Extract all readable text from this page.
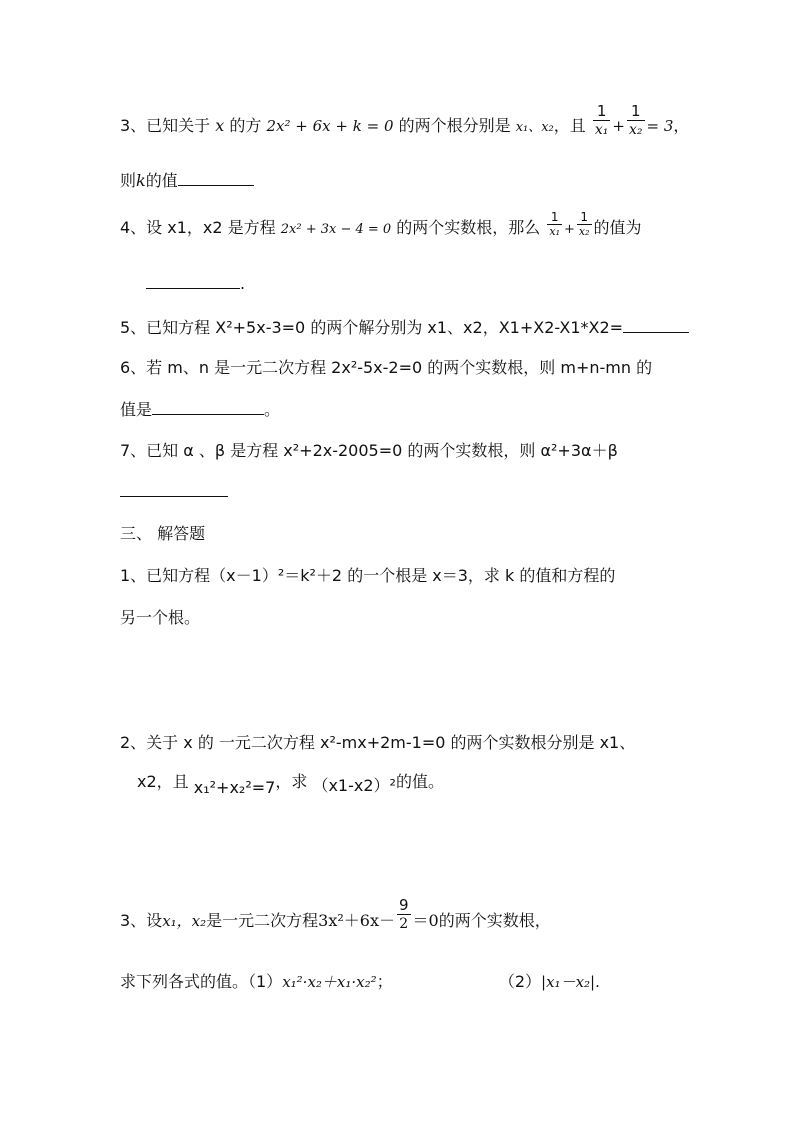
3、已知关于 x 的方 2x² + 6x + k = 0 的两个根分别是 x₁、x₂，且 $\frac{1}{\text{x₁}} + \frac{1}{\text{x₂}} = 3$，
则k的值
4、设 x1，x2 是方程 2x² + 3x − 4 = 0 的两个实数根，那么 $\frac{1}{\text{x₁}} + \frac{1}{\text{x₂}}$ 的值为
.
5、已知方程 X²+5x-3=0 的两个解分别为 x1、x2，X1+X2-X1*X2=
6、若 m、n 是一元二次方程 2x²-5x-2=0 的两个实数根，则 m+n-mn 的
值是	。
7、已知 α 、β 是方程 x²+2x-2005=0 的两个实数根，则 α²+3α＋β
三、 解答题
1、已知方程（x－1）²＝k²＋2 的一个根是 x＝3，求 k 的值和方程的
另一个根。
2、关于 x 的 一元二次方程 x²-mx+2m-1=0 的两个实数根分别是 x1、
x2，且 x₁²+x₂²=7，求 （x1-x2）²的值。
3、设x₁，x₂是一元二次方程$3x^2+6x- \frac{9}{2} =0$的两个实数根，
求下列各式的值。（1）x₁²·x₂＋x₁·x₂²；	（2）|x₁－x₂|.
